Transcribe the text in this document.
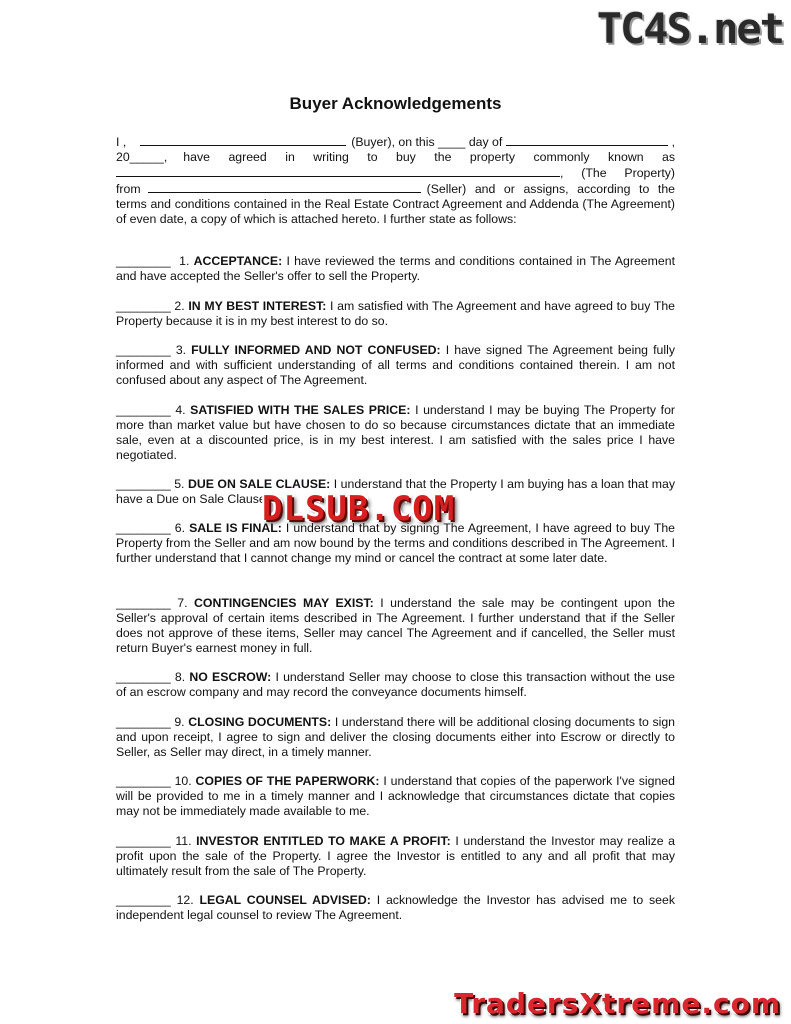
TC4S.net
Buyer Acknowledgements
I ,	(Buyer), on this ____ day of	,
20_____, have agreed in writing to buy the property commonly known as
, (The Property)
from	(Seller) and or assigns, according to the
terms and conditions contained in the Real Estate Contract Agreement and Addenda (The Agreement) of even date, a copy of which is attached hereto. I further state as follows:
________ 1. ACCEPTANCE: I have reviewed the terms and conditions contained in The Agreement and have accepted the Seller's offer to sell the Property.
________ 2. IN MY BEST INTEREST: I am satisfied with The Agreement and have agreed to buy The Property because it is in my best interest to do so.
________ 3. FULLY INFORMED AND NOT CONFUSED: I have signed The Agreement being fully informed and with sufficient understanding of all terms and conditions contained therein. I am not confused about any aspect of The Agreement.
________ 4. SATISFIED WITH THE SALES PRICE: I understand I may be buying The Property for more than market value but have chosen to do so because circumstances dictate that an immediate sale, even at a discounted price, is in my best interest. I am satisfied with the sales price I have negotiated.
________ 5. DUE ON SALE CLAUSE: I understand that the Property I am buying has a loan that may have a Due on Sale Clause.
________ 6. SALE IS FINAL: I understand that by signing The Agreement, I have agreed to buy The Property from the Seller and am now bound by the terms and conditions described in The Agreement. I further understand that I cannot change my mind or cancel the contract at some later date.
________ 7. CONTINGENCIES MAY EXIST: I understand the sale may be contingent upon the Seller's approval of certain items described in The Agreement. I further understand that if the Seller does not approve of these items, Seller may cancel The Agreement and if cancelled, the Seller must return Buyer's earnest money in full.
________ 8. NO ESCROW: I understand Seller may choose to close this transaction without the use of an escrow company and may record the conveyance documents himself.
________ 9. CLOSING DOCUMENTS: I understand there will be additional closing documents to sign and upon receipt, I agree to sign and deliver the closing documents either into Escrow or directly to Seller, as Seller may direct, in a timely manner.
________ 10. COPIES OF THE PAPERWORK: I understand that copies of the paperwork I've signed will be provided to me in a timely manner and I acknowledge that circumstances dictate that copies may not be immediately made available to me.
________ 11. INVESTOR ENTITLED TO MAKE A PROFIT: I understand the Investor may realize a profit upon the sale of the Property. I agree the Investor is entitled to any and all profit that may ultimately result from the sale of The Property.
________ 12. LEGAL COUNSEL ADVISED: I acknowledge the Investor has advised me to seek independent legal counsel to review The Agreement.
DLSUB.COM
TradersXtreme.com
